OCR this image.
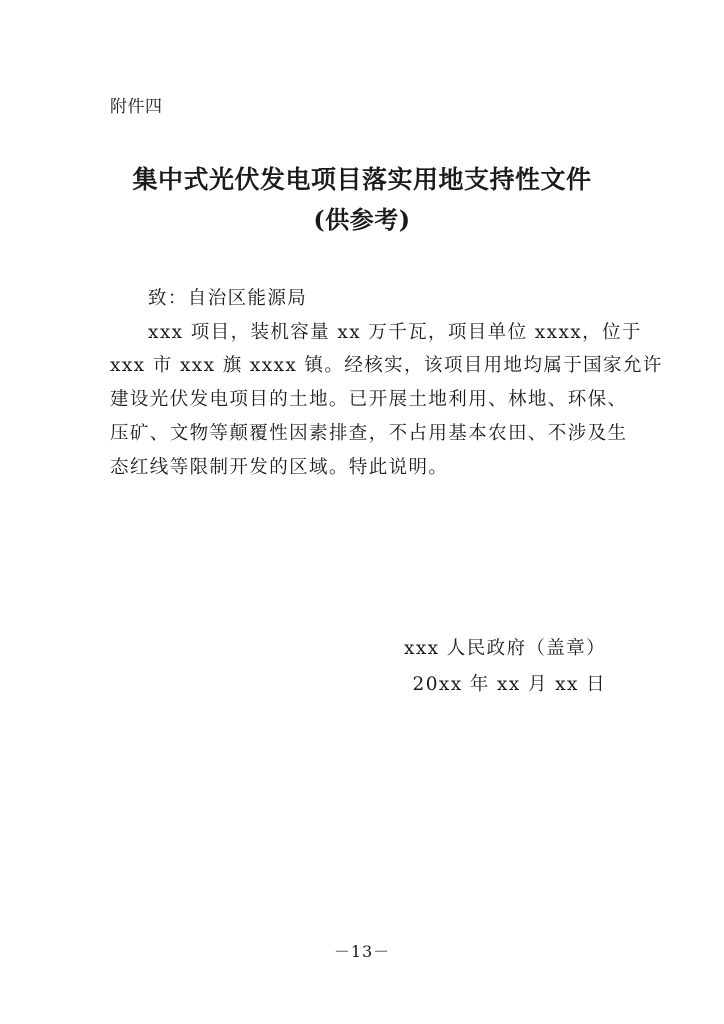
附件四
集中式光伏发电项目落实用地支持性文件
(供参考)
致：自治区能源局
xxx 项目，装机容量 xx 万千瓦，项目单位 xxxx，位于
xxx 市 xxx 旗 xxxx 镇。经核实，该项目用地均属于国家允许
建设光伏发电项目的土地。已开展土地利用、林地、环保、
压矿、文物等颠覆性因素排查，不占用基本农田、不涉及生
态红线等限制开发的区域。特此说明。
xxx 人民政府（盖章）
20xx 年 xx 月 xx 日
－13－
